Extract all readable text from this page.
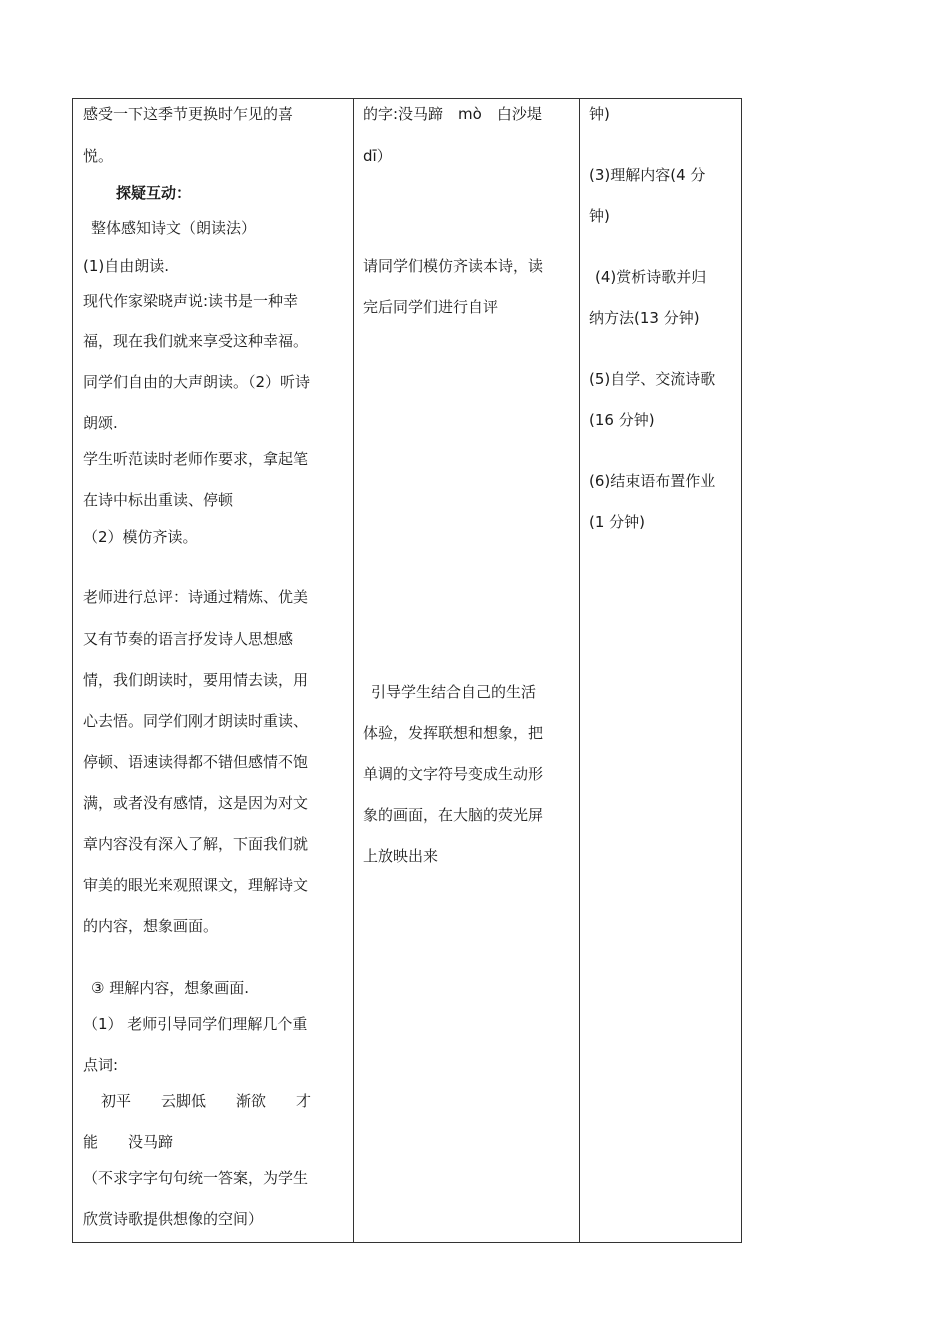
感受一下这季节更换时乍见的喜
悦。
探疑互动：
整体感知诗文（朗读法）
(1)自由朗读.
现代作家梁晓声说:读书是一种幸
福，现在我们就来享受这种幸福。
同学们自由的大声朗读。（2）听诗
朗颂.
学生听范读时老师作要求，拿起笔
在诗中标出重读、停顿
（2）模仿齐读。
老师进行总评：诗通过精炼、优美
又有节奏的语言抒发诗人思想感
情，我们朗读时，要用情去读，用
心去悟。同学们刚才朗读时重读、
停顿、语速读得都不错但感情不饱
满，或者没有感情，这是因为对文
章内容没有深入了解，下面我们就
审美的眼光来观照课文，理解诗文
的内容，想象画面。
③ 理解内容，想象画面.
（1） 老师引导同学们理解几个重
点词:
初平　　云脚低　　渐欲　　才
能　　没马蹄
（不求字字句句统一答案，为学生
欣赏诗歌提供想像的空间）
的字:没马蹄　mò　白沙堤
dī）
请同学们模仿齐读本诗，读
完后同学们进行自评
引导学生结合自己的生活
体验，发挥联想和想象，把
单调的文字符号变成生动形
象的画面，在大脑的荧光屏
上放映出来
钟)
(3)理解内容(4 分
钟)
(4)赏析诗歌并归
纳方法(13 分钟)
(5)自学、交流诗歌
(16 分钟)
(6)结束语布置作业
(1 分钟)
